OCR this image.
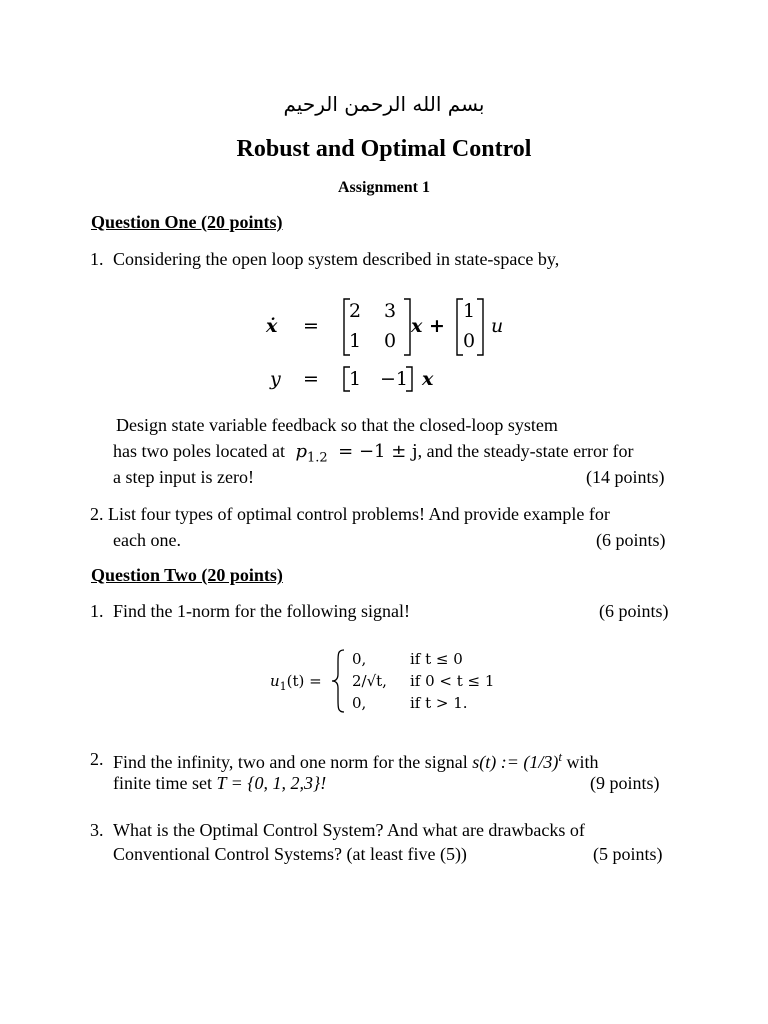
بسم الله الرحمن الرحيم
Robust and Optimal Control
Assignment 1
Question One (20 points)
1. Considering the open loop system described in state-space by,
ẋ =
2 3
1 0
x +
1
0
u
y = 1 −1 x
Design state variable feedback so that the closed-loop system
has two poles located at $p_{1.2} = -1 \pm j$, and the steady-state error for
a step input is zero!	(14 points)
2. List four types of optimal control problems! And provide example for
each one.	(6 points)
Question Two (20 points)
1. Find the 1-norm for the following signal!	(6 points)
$u_1(t)$ =
0,	if t ≤ 0
2/√t, if 0 < t ≤ 1
0,	if t > 1.
2. Find the infinity, two and one norm for the signal s(t) := $(1/3)^t$ with
finite time set T = {0, 1, 2,3}!	(9 points)
3. What is the Optimal Control System? And what are drawbacks of
Conventional Control Systems? (at least five (5))	(5 points)
